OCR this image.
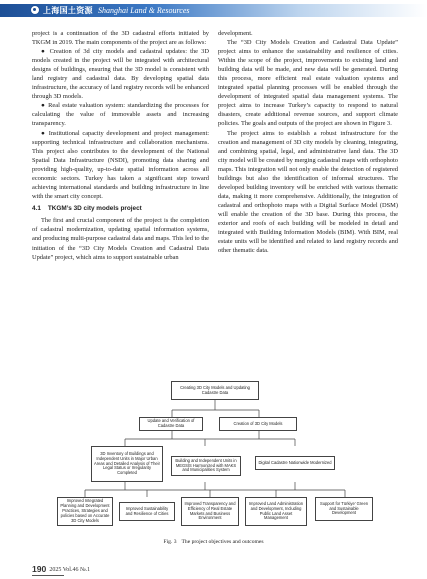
上海国土资源 Shanghai Land & Resources

project is a continuation of the 3D cadastral efforts initiated by TKGM in 2019. The main components of the project are as follows:

● Creation of 3d city models and cadastral updates: the 3D models created in the project will be integrated with architectural designs of buildings, ensuring that the 3D model is consistent with land registry and cadastral data. By developing spatial data infrastructure, the accuracy of land registry records will be enhanced through 3D models.

● Real estate valuation system: standardizing the processes for calculating the value of immovable assets and increasing transparency.

● Institutional capacity development and project management: supporting technical infrastructure and collaboration mechanisms. This project also contributes to the development of the National Spatial Data Infrastructure (NSDI), promoting data sharing and providing high-quality, up-to-date spatial information across all economic sectors. Turkey has taken a significant step toward achieving international standards and building infrastructure in line with the smart city concept.

4.1 TKGM’s 3D city models project

The first and crucial component of the project is the completion of cadastral modernization, updating spatial information systems, and producing multi-purpose cadastral data and maps. This led to the initiation of the “3D City Models Creation and Cadastral Data Update” project, which aims to support sustainable urban

development.

The “3D City Models Creation and Cadastral Data Update” project aims to enhance the sustainability and resilience of cities. Within the scope of the project, improvements to existing land and building data will be made, and new data will be generated. During this process, more efficient real estate valuation systems and integrated spatial planning processes will be enabled through the development of integrated spatial data management systems. The project aims to increase Turkey’s capacity to respond to natural disasters, create additional revenue sources, and support climate policies. The goals and outputs of the project are shown in Figure 3.

The project aims to establish a robust infrastructure for the creation and management of 3D city models by cleaning, integrating, and combining spatial, legal, and administrative land data. The 3D city model will be created by merging cadastral maps with orthophoto maps. This integration will not only enable the detection of registered buildings but also the identification of informal structures. The developed building inventory will be enriched with various thematic data, making it more comprehensive. Additionally, the integration of cadastral and orthophoto maps with a Digital Surface Model (DSM) will enable the creation of the 3D base. During this process, the exterior and roofs of each building will be modeled in detail and integrated with Building Information Models (BIM). With BIM, real estate units will be identified and related to land registry records and other thematic data.

Creating 3D City Models and Updating Cadastre Data
Update and Verification of Cadastre Data	Creation of 3D City Models
3D Inventory of Buildings and Independent Units in Major Urban Areas and Detailed Analysis of Their Legal Status or Irregularity Completed
Building and Independent Units in MEGSİS Harmonized with MAKS and Municipalities System
Digital Cadastre Nationwide Modernized
Improved Integrated Planning and Development Practices, Strategies and policies based on Accurate 3D City Models
Improved Sustainability and Resilience of Cities
Improved Transparency and Efficiency of Real Estate Markets and Business Environment
Improved Land Administration and Development, Including Public Land Asset Management
Support for Türkiye’ Green and Sustainable Development
Fig. 3 The project objectives and outcomes
190 2025 Vol.46 №.1
